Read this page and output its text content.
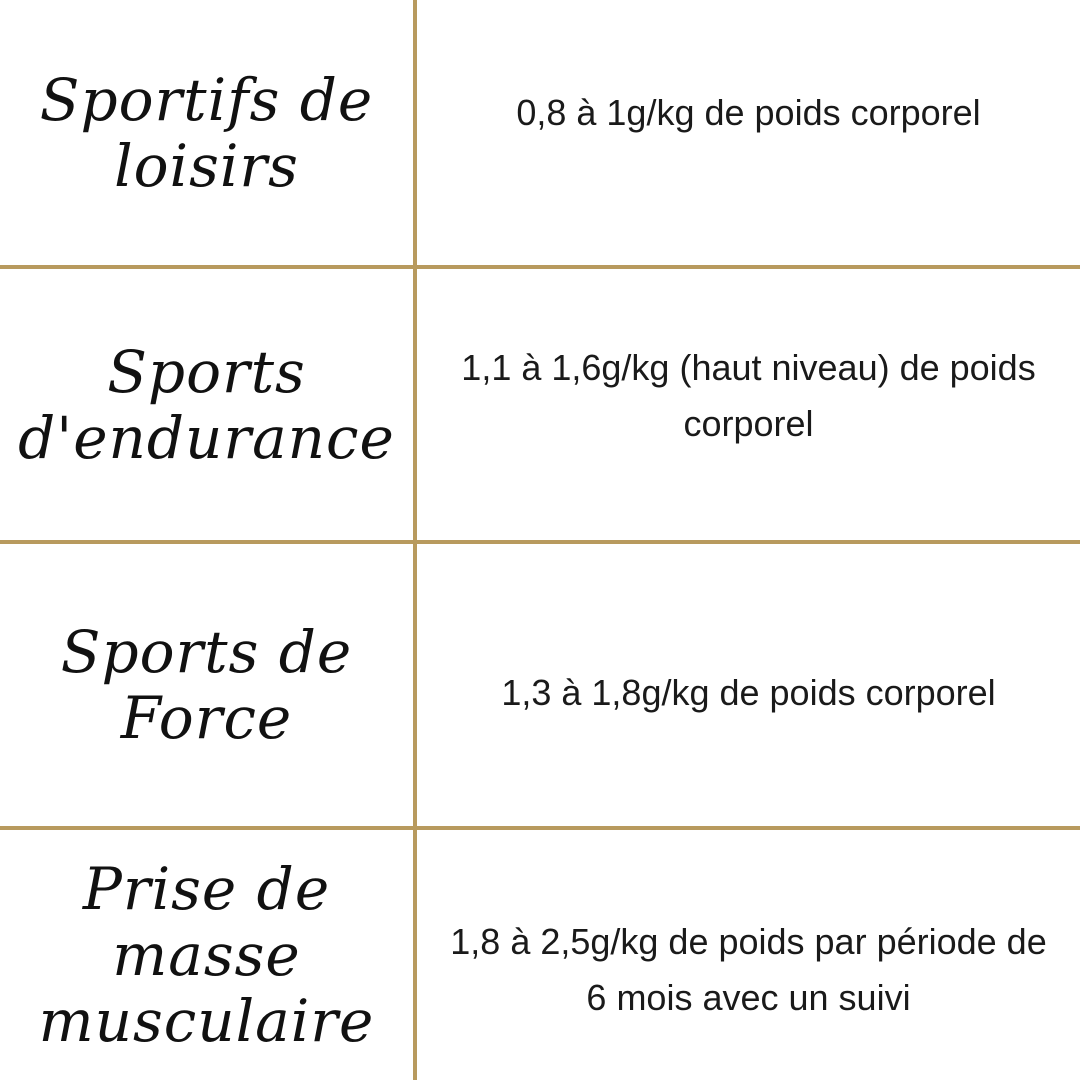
Sportifs de loisirs
0,8 à 1g/kg de poids corporel
Sports d'endurance
1,1 à 1,6g/kg (haut niveau) de poids corporel
Sports de Force	1,3 à 1,8g/kg de poids corporel
Prise de masse musculaire
1,8 à 2,5g/kg de poids par période de 6 mois avec un suivi
